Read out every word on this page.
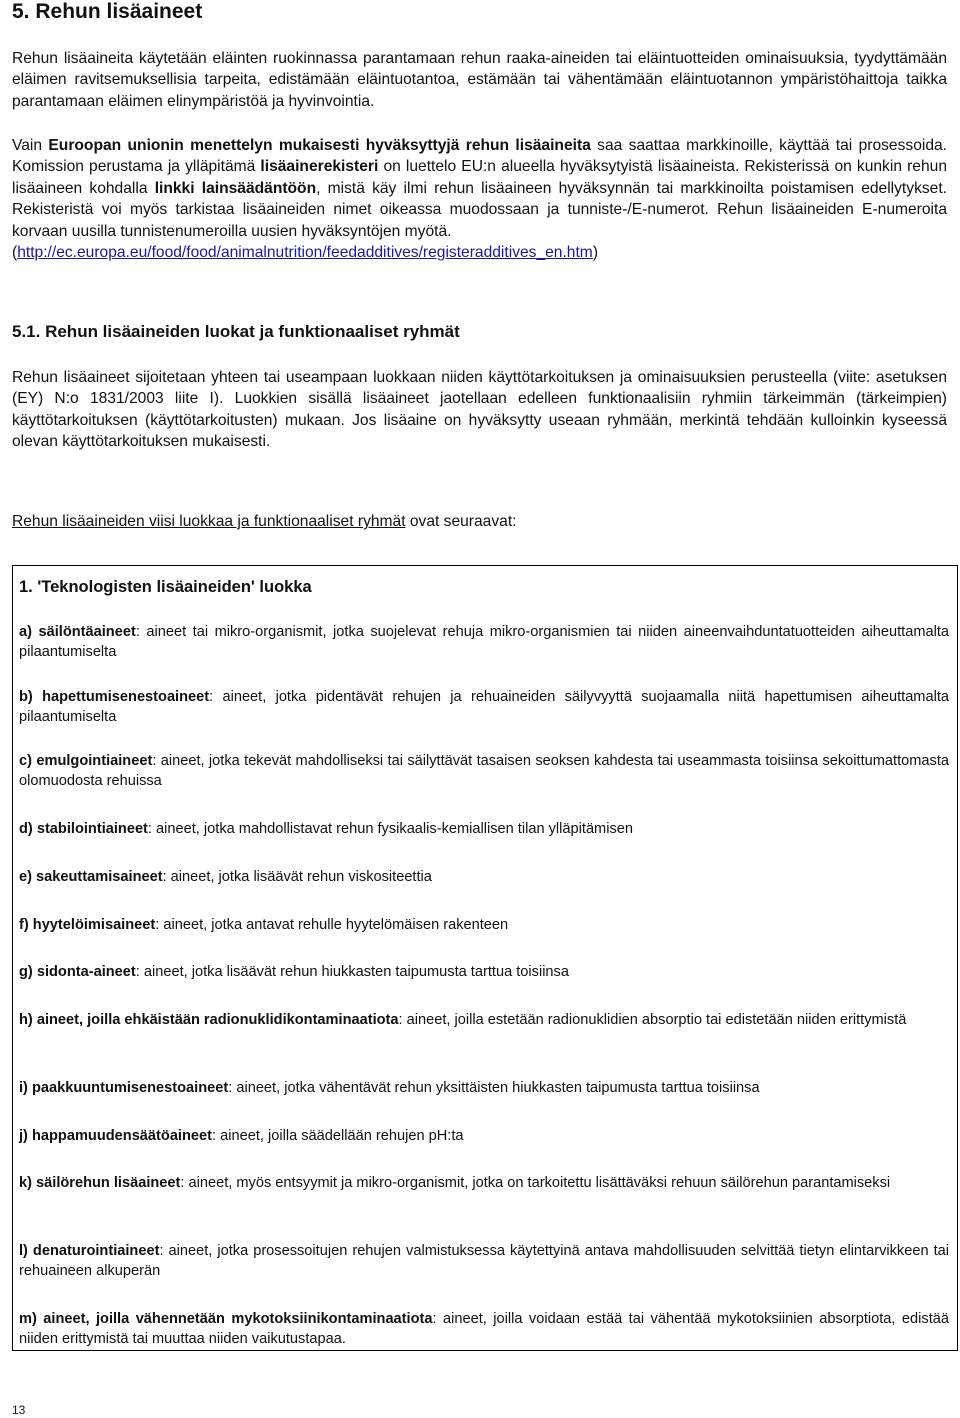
5. Rehun lisäaineet

Rehun lisäaineita käytetään eläinten ruokinnassa parantamaan rehun raaka-aineiden tai eläintuotteiden ominaisuuksia, tyydyttämään eläimen ravitsemuksellisia tarpeita, edistämään eläintuotantoa, estämään tai vähentämään eläintuotannon ympäristöhaittoja taikka parantamaan eläimen elinympäristöä ja hyvinvointia.

Vain Euroopan unionin menettelyn mukaisesti hyväksyttyjä rehun lisäaineita saa saattaa markkinoille, käyttää tai prosessoida. Komission perustama ja ylläpitämä lisäainerekisteri on luettelo EU:n alueella hyväksytyistä lisäaineista. Rekisterissä on kunkin rehun lisäaineen kohdalla linkki lainsäädäntöön, mistä käy ilmi rehun lisäaineen hyväksynnän tai markkinoilta poistamisen edellytykset. Rekisteristä voi myös tarkistaa lisäaineiden nimet oikeassa muodossaan ja tunniste-/E-numerot. Rehun lisäaineiden E-numeroita korvaan uusilla tunnistenumeroilla uusien hyväksyntöjen myötä.
(http://ec.europa.eu/food/food/animalnutrition/feedadditives/registeradditives_en.htm)

5.1. Rehun lisäaineiden luokat ja funktionaaliset ryhmät

Rehun lisäaineet sijoitetaan yhteen tai useampaan luokkaan niiden käyttötarkoituksen ja ominaisuuksien perusteella (viite: asetuksen (EY) N:o 1831/2003 liite I). Luokkien sisällä lisäaineet jaotellaan edelleen funktionaalisiin ryhmiin tärkeimmän (tärkeimpien) käyttötarkoituksen (käyttötarkoitusten) mukaan. Jos lisäaine on hyväksytty useaan ryhmään, merkintä tehdään kulloinkin kyseessä olevan käyttötarkoituksen mukaisesti.

Rehun lisäaineiden viisi luokkaa ja funktionaaliset ryhmät ovat seuraavat:

1. 'Teknologisten lisäaineiden' luokka

a) säilöntäaineet: aineet tai mikro-organismit, jotka suojelevat rehuja mikro-organismien tai niiden aineenvaihduntatuotteiden aiheuttamalta pilaantumiselta

b) hapettumisenestoaineet: aineet, jotka pidentävät rehujen ja rehuaineiden säilyvyyttä suojaamalla niitä hapettumisen aiheuttamalta pilaantumiselta

c) emulgointiaineet: aineet, jotka tekevät mahdolliseksi tai säilyttävät tasaisen seoksen kahdesta tai useammasta toisiinsa sekoittumattomasta olomuodosta rehuissa

d) stabilointiaineet: aineet, jotka mahdollistavat rehun fysikaalis-kemiallisen tilan ylläpitämisen

e) sakeuttamisaineet: aineet, jotka lisäävät rehun viskositeettia

f) hyytelöimisaineet: aineet, jotka antavat rehulle hyytelömäisen rakenteen

g) sidonta-aineet: aineet, jotka lisäävät rehun hiukkasten taipumusta tarttua toisiinsa

h) aineet, joilla ehkäistään radionuklidikontaminaatiota: aineet, joilla estetään radionuklidien absorptio tai edistetään niiden erittymistä

i) paakkuuntumisenestoaineet: aineet, jotka vähentävät rehun yksittäisten hiukkasten taipumusta tarttua toisiinsa

j) happamuudensäätöaineet: aineet, joilla säädellään rehujen pH:ta

k) säilörehun lisäaineet: aineet, myös entsyymit ja mikro-organismit, jotka on tarkoitettu lisättäväksi rehuun säilörehun parantamiseksi

l) denaturointiaineet: aineet, jotka prosessoitujen rehujen valmistuksessa käytettyinä antava mahdollisuuden selvittää tietyn elintarvikkeen tai rehuaineen alkuperän

m) aineet, joilla vähennetään mykotoksiinikontaminaatiota: aineet, joilla voidaan estää tai vähentää mykotoksiinien absorptiota, edistää niiden erittymistä tai muuttaa niiden vaikutustapaa.

13
